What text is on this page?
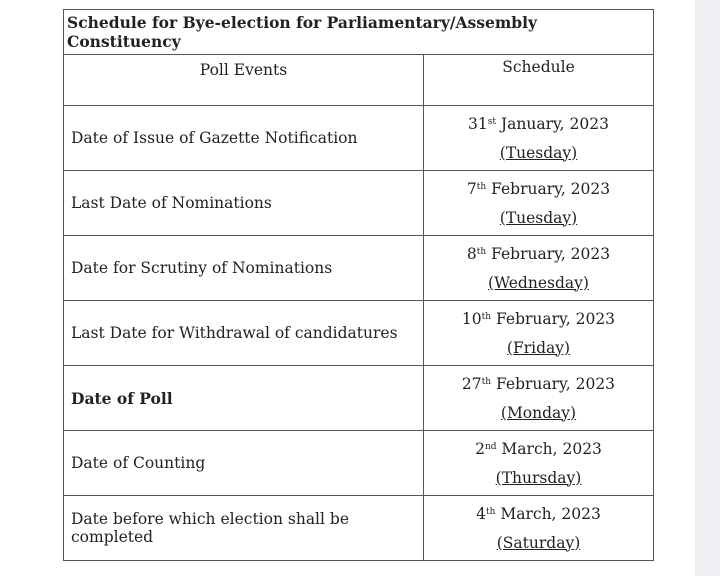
Schedule for Bye-election for Parliamentary/Assembly Constituency	
Poll Events	Schedule
Date of Issue of Gazette Notification	31st January, 2023
(Tuesday)

Last Date of Nominations	7th February, 2023
(Tuesday)

Date for Scrutiny of Nominations	8th February, 2023
(Wednesday)

Last Date for Withdrawal of candidatures	10th February, 2023
(Friday)

Date of Poll	27th February, 2023
(Monday)

Date of Counting	2nd March, 2023
(Thursday)

Date before which election shall be completed	4th March, 2023
(Saturday)
